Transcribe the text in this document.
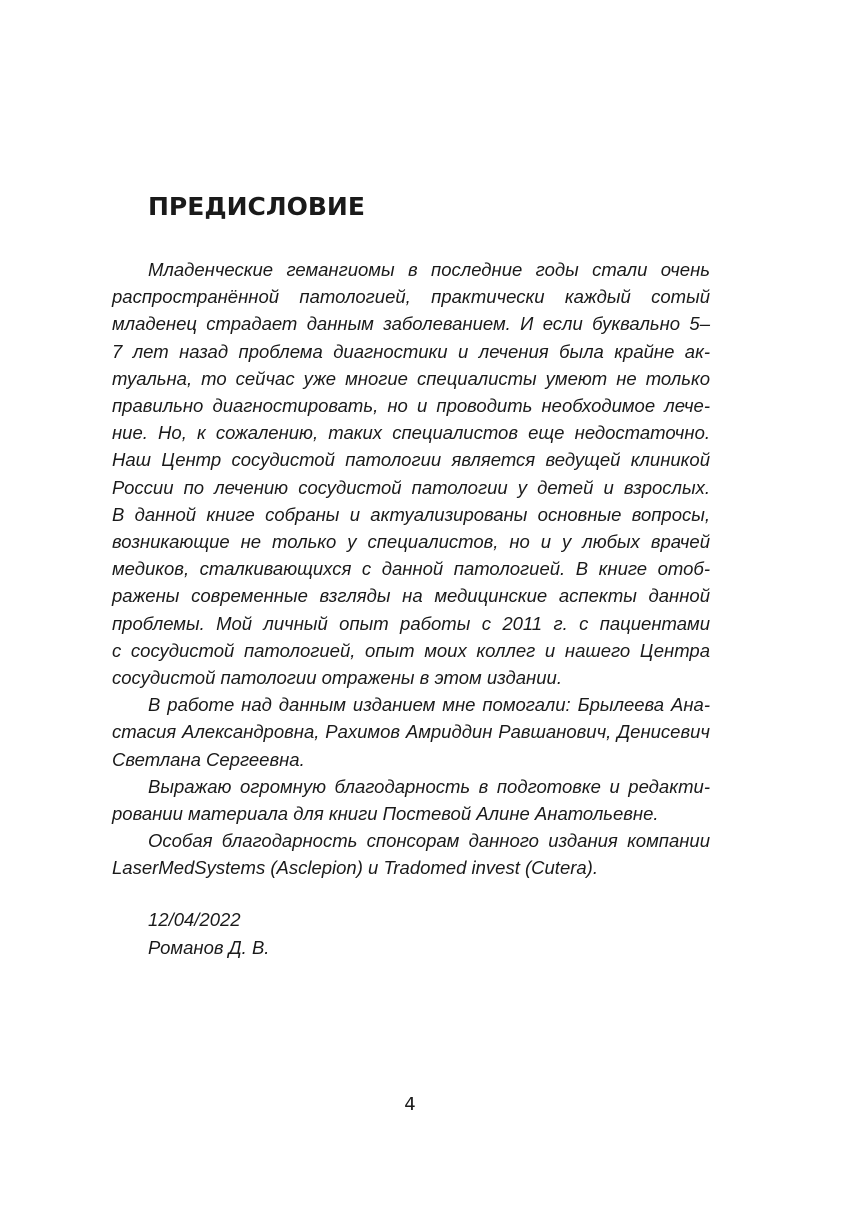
ПРЕДИСЛОВИЕ
Младенческие гемангиомы в последние годы стали очень
распространённой патологией, практически каждый сотый
младенец страдает данным заболеванием. И если буквально 5–
7 лет назад проблема диагностики и лечения была крайне ак-
туальна, то сейчас уже многие специалисты умеют не только
правильно диагностировать, но и проводить необходимое лече-
ние. Но, к сожалению, таких специалистов еще недостаточно.
Наш Центр сосудистой патологии является ведущей клиникой
России по лечению сосудистой патологии у детей и взрослых.
В данной книге собраны и актуализированы основные вопросы,
возникающие не только у специалистов, но и у любых врачей
медиков, сталкивающихся с данной патологией. В книге отоб-
ражены современные взгляды на медицинские аспекты данной
проблемы. Мой личный опыт работы с 2011 г. с пациентами
с сосудистой патологией, опыт моих коллег и нашего Центра
сосудистой патологии отражены в этом издании.
В работе над данным изданием мне помогали: Брылеева Ана-
стасия Александровна, Рахимов Амриддин Равшанович, Денисевич
Светлана Сергеевна.
Выражаю огромную благодарность в подготовке и редакти-
ровании материала для книги Постевой Алине Анатольевне.
Особая благодарность спонсорам данного издания компании
LaserMedSystems (Asclepion) и Tradomed invest (Cutera).
12/04/2022
Романов Д. В.
4
